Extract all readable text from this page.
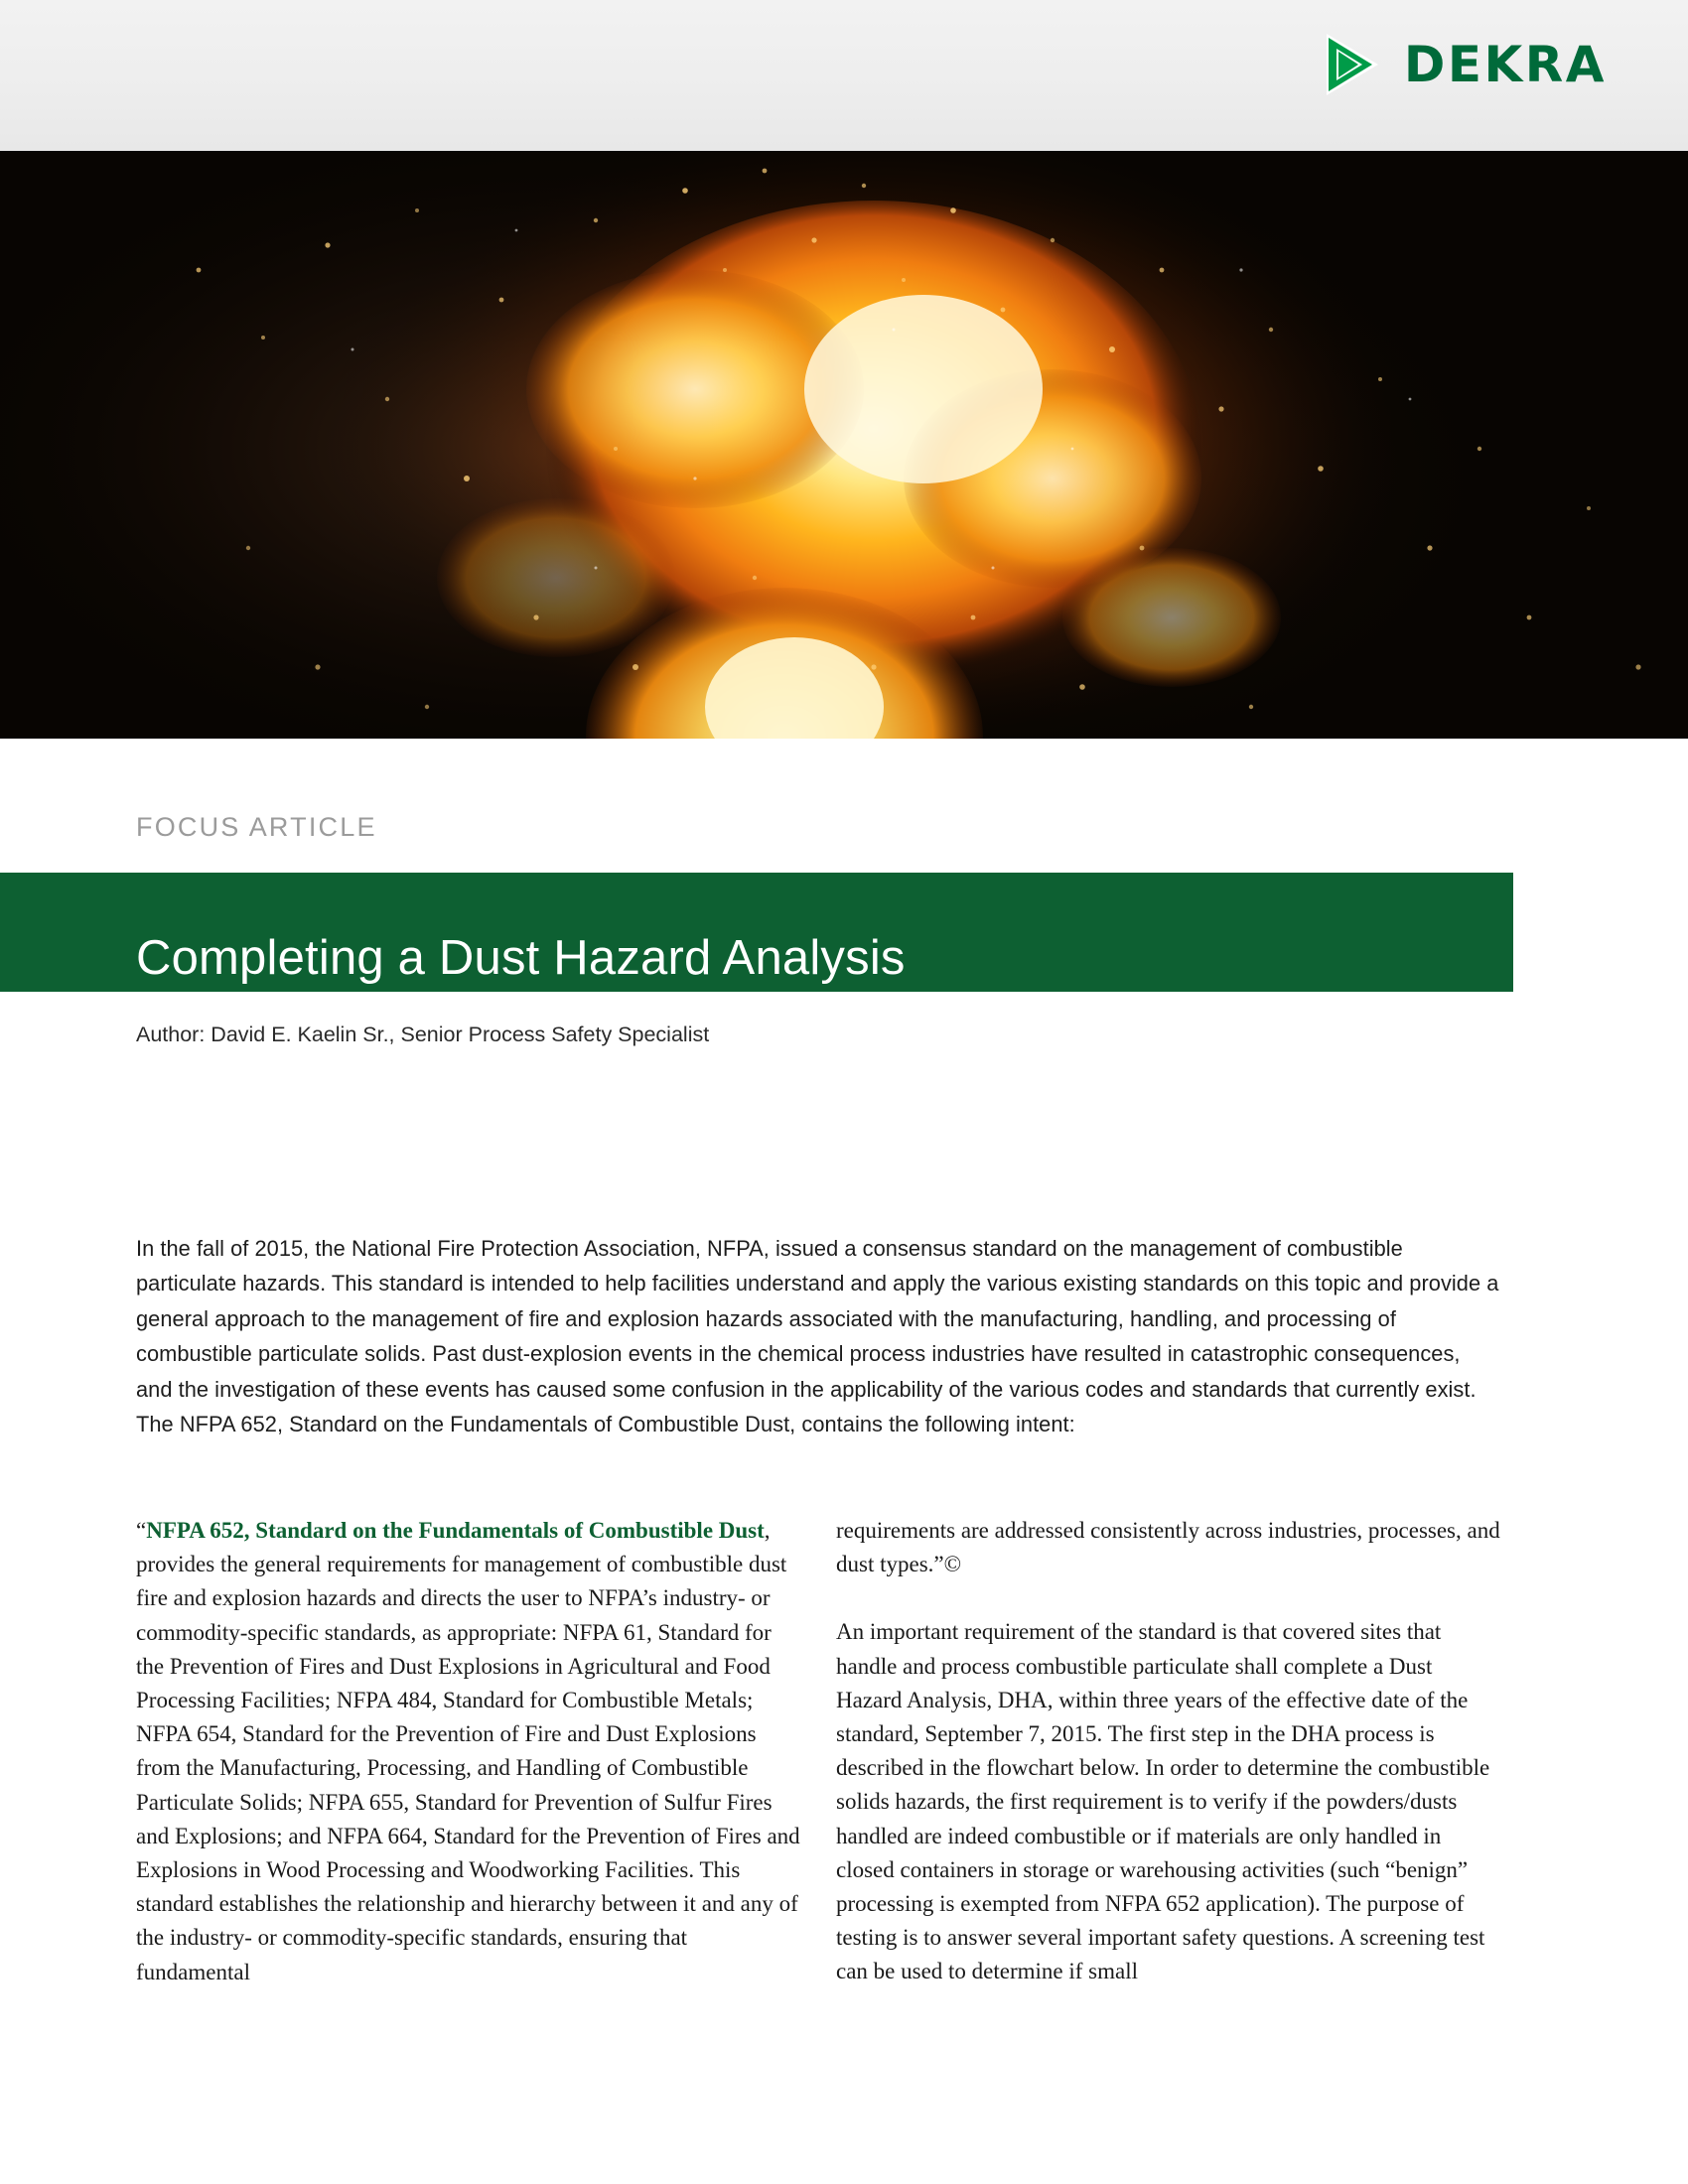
DEKRA
FOCUS ARTICLE
Completing a Dust Hazard Analysis
Author: David E. Kaelin Sr., Senior Process Safety Specialist

In the fall of 2015, the National Fire Protection Association, NFPA, issued a consensus standard on the management of combustible particulate hazards. This standard is intended to help facilities understand and apply the various existing standards on this topic and provide a general approach to the management of fire and explosion hazards associated with the manufacturing, handling, and processing of combustible particulate solids. Past dust-explosion events in the chemical process industries have resulted in catastrophic consequences, and the investigation of these events has caused some confusion in the applicability of the various codes and standards that currently exist. The NFPA 652, Standard on the Fundamentals of Combustible Dust, contains the following intent:

“NFPA 652, Standard on the Fundamentals of Combustible Dust, provides the general requirements for management of combustible dust fire and explosion hazards and directs the user to NFPA’s industry- or commodity-specific standards, as appropriate: NFPA 61, Standard for the Prevention of Fires and Dust Explosions in Agricultural and Food Processing Facilities; NFPA 484, Standard for Combustible Metals; NFPA 654, Standard for the Prevention of Fire and Dust Explosions from the Manufacturing, Processing, and Handling of Combustible Particulate Solids; NFPA 655, Standard for Prevention of Sulfur Fires and Explosions; and NFPA 664, Standard for the Prevention of Fires and Explosions in Wood Processing and Woodworking Facilities. This standard establishes the relationship and hierarchy between it and any of the industry- or commodity-specific standards, ensuring that fundamental

requirements are addressed consistently across industries, processes, and dust types.”©

An important requirement of the standard is that covered sites that handle and process combustible particulate shall complete a Dust Hazard Analysis, DHA, within three years of the effective date of the standard, September 7, 2015. The first step in the DHA process is described in the flowchart below. In order to determine the combustible solids hazards, the first requirement is to verify if the powders/dusts handled are indeed combustible or if materials are only handled in closed containers in storage or warehousing activities (such “benign” processing is exempted from NFPA 652 application). The purpose of testing is to answer several important safety questions. A screening test can be used to determine if small
